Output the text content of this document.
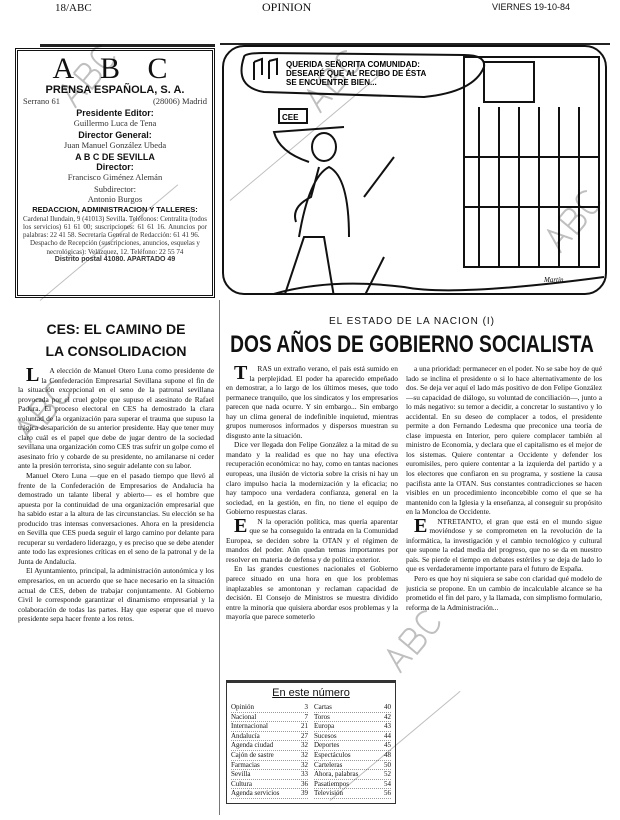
18/ABC	OPINION	VIERNES 19-10-84
A B C
PRENSA ESPAÑOLA, S. A.
Serrano 61	(28006) Madrid
Presidente Editor:
Guillermo Luca de Tena
Director General:
Juan Manuel González Ubeda
A B C DE SEVILLA
Director:
Francisco Giménez Alemán
Subdirector:
Antonio Burgos
REDACCION, ADMINISTRACION Y TALLERES:
Cardenal Ilundain, 9 (41013) Sevilla. Teléfonos: Centralita (todos los servicios) 61 61 00; suscripciones: 61 61 16. Anuncios por palabras: 22 41 58. Secretaría General de Redacción: 61 41 96.
Despacho de Recepción (suscripciones, anuncios, esquelas y necrológicas): Velázquez, 12. Teléfono: 22 55 74
Distrito postal 41080. APARTADO 49
QUERIDA SEÑORITA COMUNIDAD: DESEARÉ QUE AL RECIBO DE ÉSTA SE ENCUENTRE BIEN...
CEE
Martín
CES: EL CAMINO DE
LA CONSOLIDACION

LA elección de Manuel Otero Luna como presidente de la Confederación Empresarial Sevillana supone el fin de la situación excepcional en el seno de la patronal sevillana provocada por el cruel golpe que supuso el asesinato de Rafael Padura. El proceso electoral en CES ha demostrado la clara voluntad de la organización para superar el trauma que supuso la trágica desaparición de su anterior presidente. Hay que tener muy claro cuál es el papel que debe de jugar dentro de la sociedad sevillana una organización como CES tras sufrir un golpe como el asesinato frío y cobarde de su presidente, no amilanarse ni ceder ante la presión terrorista, sino seguir adelante con su labor.

Manuel Otero Luna —que en el pasado tiempo que llevó al frente de la Confederación de Empresarios de Andalucía ha demostrado un talante liberal y abierto— es el hombre que apuesta por la continuidad de una organización empresarial que ha sabido estar a la altura de las circunstancias. Su elección se ha producido tras intensas conversaciones. Ahora en la presidencia en Sevilla que CES pueda seguir el largo camino por delante para recuperar su verdadero liderazgo, y es preciso que se debe atender ante todo las expresiones críticas en el seno de la patronal y de la Junta de Andalucía.

El Ayuntamiento, principal, la administración autonómica y los empresarios, en un acuerdo que se hace necesario en la situación actual de CES, deben de trabajar conjuntamente. Al Gobierno Civil le corresponde garantizar el dinamismo empresarial y la colaboración de todas las partes. Hay que esperar que el nuevo presidente sepa hacer frente a los retos.

EL ESTADO DE LA NACION (I)
DOS AÑOS DE GOBIERNO SOCIALISTA

TRAS un extraño verano, el país está sumido en la perplejidad. El poder ha aparecido empeñado en demostrar, a lo largo de los últimos meses, que todo permanece tranquilo, que los sindicatos y los empresarios parecen que nada ocurre. Y sin embargo... Sin embargo hay un clima general de indefinible inquietud, mientras grupos numerosos informados y dispersos muestran su disgusto ante la situación.

Dice ver llegada don Felipe González a la mitad de su mandato y la realidad es que no hay una efectiva recuperación económica: no hay, como en tantas naciones europeas, una ilusión de victoria sobre la crisis ni hay un claro impulso hacia la modernización y la eficacia; no hay tampoco una verdadera confianza, general en la sociedad, en la gestión, en fin, no tiene el equipo de Gobierno respuestas claras.

EN la operación política, mas quería aparentar que se ha conseguido la entrada en la Comunidad Europea, se deciden sobre la OTAN y el régimen de mandos del poder. Aún quedan temas importantes por resolver en materia de defensa y de política exterior.

En las grandes cuestiones nacionales el Gobierno parece situado en una hora en que los problemas inaplazables se amontonan y reclaman capacidad de decisión. El Consejo de Ministros se muestra dividido entre la minoría que quisiera abordar esos problemas y la mayoría que parece someterlo

a una prioridad: permanecer en el poder. No se sabe hoy de qué lado se inclina el presidente o si lo hace alternativamente de los dos. Se deja ver aquí el lado más positivo de don Felipe González —su capacidad de diálogo, su voluntad de conciliación—, junto a lo más negativo: su temor a decidir, a concretar lo sustantivo y lo accidental. En su deseo de complacer a todos, el presidente permite a don Fernando Ledesma que preconice una teoría de clase impuesta en Interior, pero quiere complacer también al ministro de Economía, y declara que el capitalismo es el mejor de los sistemas. Quiere contentar a Occidente y defender los euromisiles, pero quiere contentar a la izquierda del partido y a los electores que confiaron en su programa, y sostiene la causa pacifista ante la OTAN. Sus constantes contradicciones se hacen visibles en un procedimiento inconcebible como el que se ha mantenido con la Iglesia y la enseñanza, al conseguir su propósito en la Moncloa de Occidente.

ENTRETANTO, el gran que está en el mundo sigue moviéndose y se comprometen en la revolución de la informática, la investigación y el cambio tecnológico y cultural que supone la edad media del progreso, que no se da en nuestro país. Se pierde el tiempo en debates estériles y se deja de lado lo que es verdaderamente importante para el futuro de España.

Pero es que hoy ni siquiera se sabe con claridad qué modelo de justicia se propone. En un cambio de incalculable alcance se ha prometido el fin del paro, y la llamada, con simplismo formulario, reforma de la Administración...

En este número
Opinión	3
Nacional	7
Internacional	21
Andalucía	27
Agenda ciudad	32
Cajón de sastre	32
Farmacias	32
Sevilla	33
Cultura	36
Agenda servicios	39
Cartas	40
Toros	42
Europa	43
Sucesos	44
Deportes	45
Espectáculos	48
Carteleras	50
Ahora, palabras	52
Pasatiempos	54
Televisión	56
